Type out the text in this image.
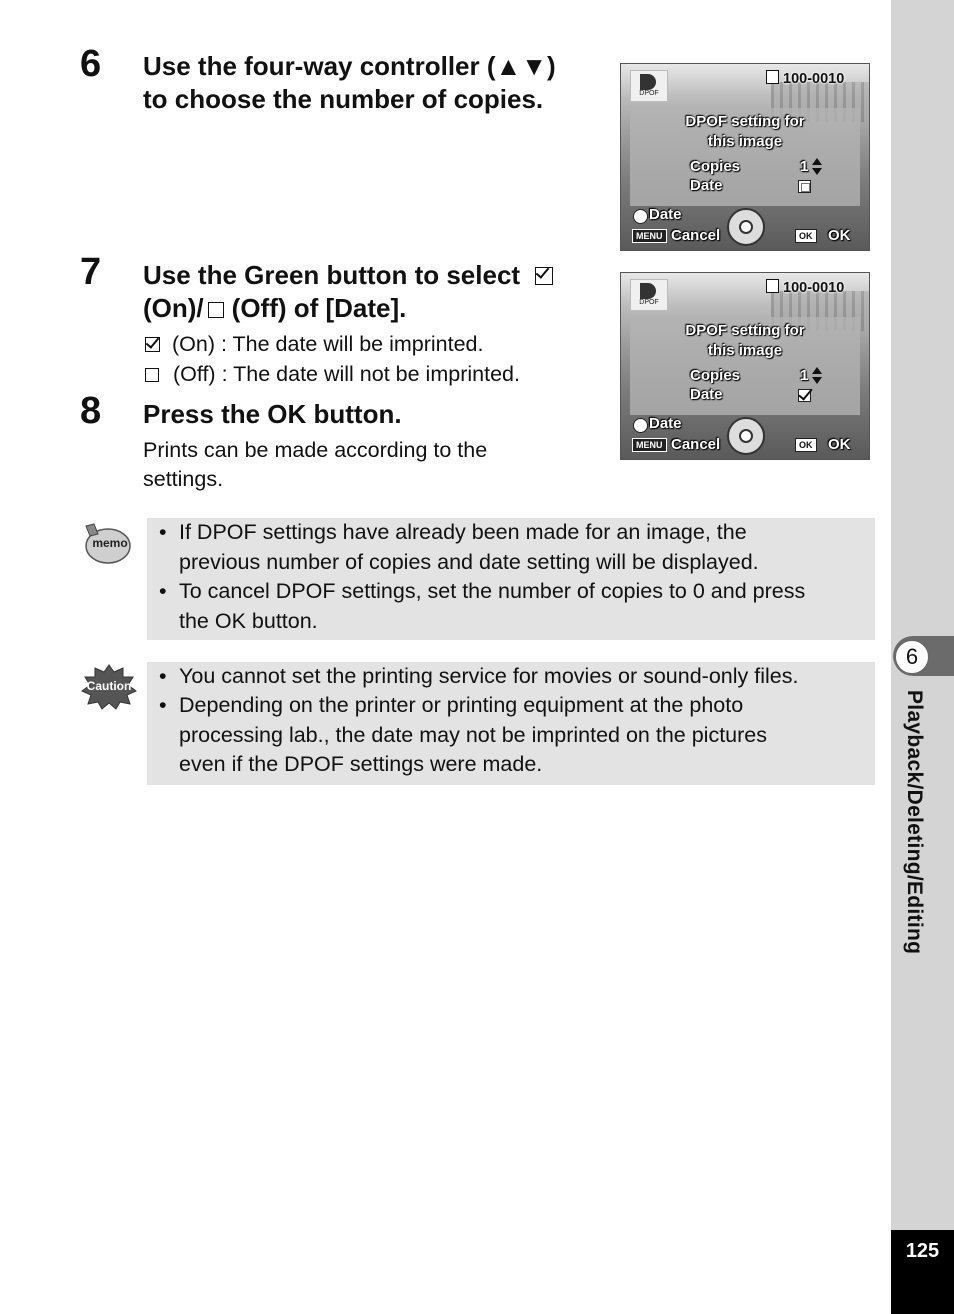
6 Use the four-way controller (▲▼)
to choose the number of copies.
7 Use the Green button to select
(On)/ (Off) of [Date].
(On) : The date will be imprinted.
(Off) : The date will not be imprinted.
8 Press the OK button.
Prints can be made according to the
settings.
DPOF
100-0010
DPOF setting for
this image
Copies	1
Date
Date
MENU Cancel	OK OK
DPOF
100-0010
DPOF setting for
this image
Copies	1
Date
Date
MENU Cancel	OK OK
memo • If DPOF settings have already been made for an image, the
previous number of copies and date setting will be displayed.
• To cancel DPOF settings, set the number of copies to 0 and press
the OK button.
Caution	• You cannot set the printing service for movies or sound-only files.
• Depending on the printer or printing equipment at the photo
processing lab., the date may not be imprinted on the pictures
even if the DPOF settings were made.
6
Playback/Deleting/Editing
125
